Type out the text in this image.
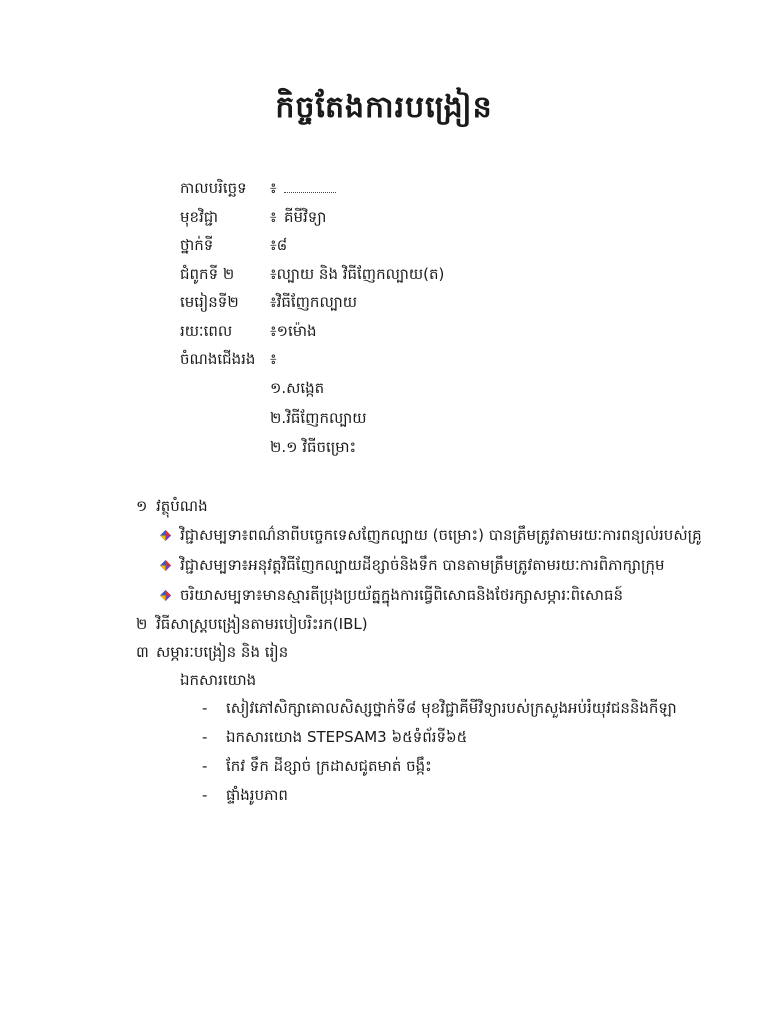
កិច្ចតែងការបង្រៀន
កាលបរិច្ឆេទ ៖
មុខវិជ្ជា	៖ គីមីវិទ្យា
ថ្នាក់ទី	៖៨
ជំពូកទី ២ ៖ល្បាយ និង វិធីញែកល្បាយ(ត)
មេរៀនទី២ ៖វិធីញែកល្បាយ
រយៈពេល	៖១ម៉ោង
ចំណងជើងរង ៖
១.សង្កេត
២.វិធីញែកល្បាយ
២.១ វិធីចម្រោះ
១ វត្ថុបំណង
វិជ្ជាសម្បទា៖ពណ៌នាពីបច្ចេកទេសញែកល្បាយ (ចម្រោះ) បានត្រឹមត្រូវតាមរយៈការពន្យល់របស់គ្រូ
វិជ្ជាសម្បទា៖អនុវត្តវិធីញែកល្បាយដីខ្សាច់និងទឹក បានតាមត្រឹមត្រូវតាមរយៈការពិភាក្សាក្រុម
ចរិយាសម្បទា៖មានស្មារតីប្រុងប្រយ័ត្នក្នុងការធ្វើពិសោធនិងថែរក្សាសម្ភារៈពិសោធន៍
២ វិធីសាស្ត្របង្រៀនតាមរបៀបរិះរក(IBL)
៣ សម្ភារៈបង្រៀន និង រៀន
ឯកសារយោង
- សៀវភៅសិក្សាគោលសិស្សថ្នាក់ទី៨ មុខវិជ្ជាគីមីវិទ្យារបស់ក្រសួងអប់រំយុវជននិងកីឡា
- ឯកសារយោង STEPSAM3 ៦៥ទំព័រទី៦៥
- កែវ ទឹក ដីខ្សាច់ ក្រដាសជូតមាត់ ចង្កឹះ
- ផ្ទាំងរូបភាព
